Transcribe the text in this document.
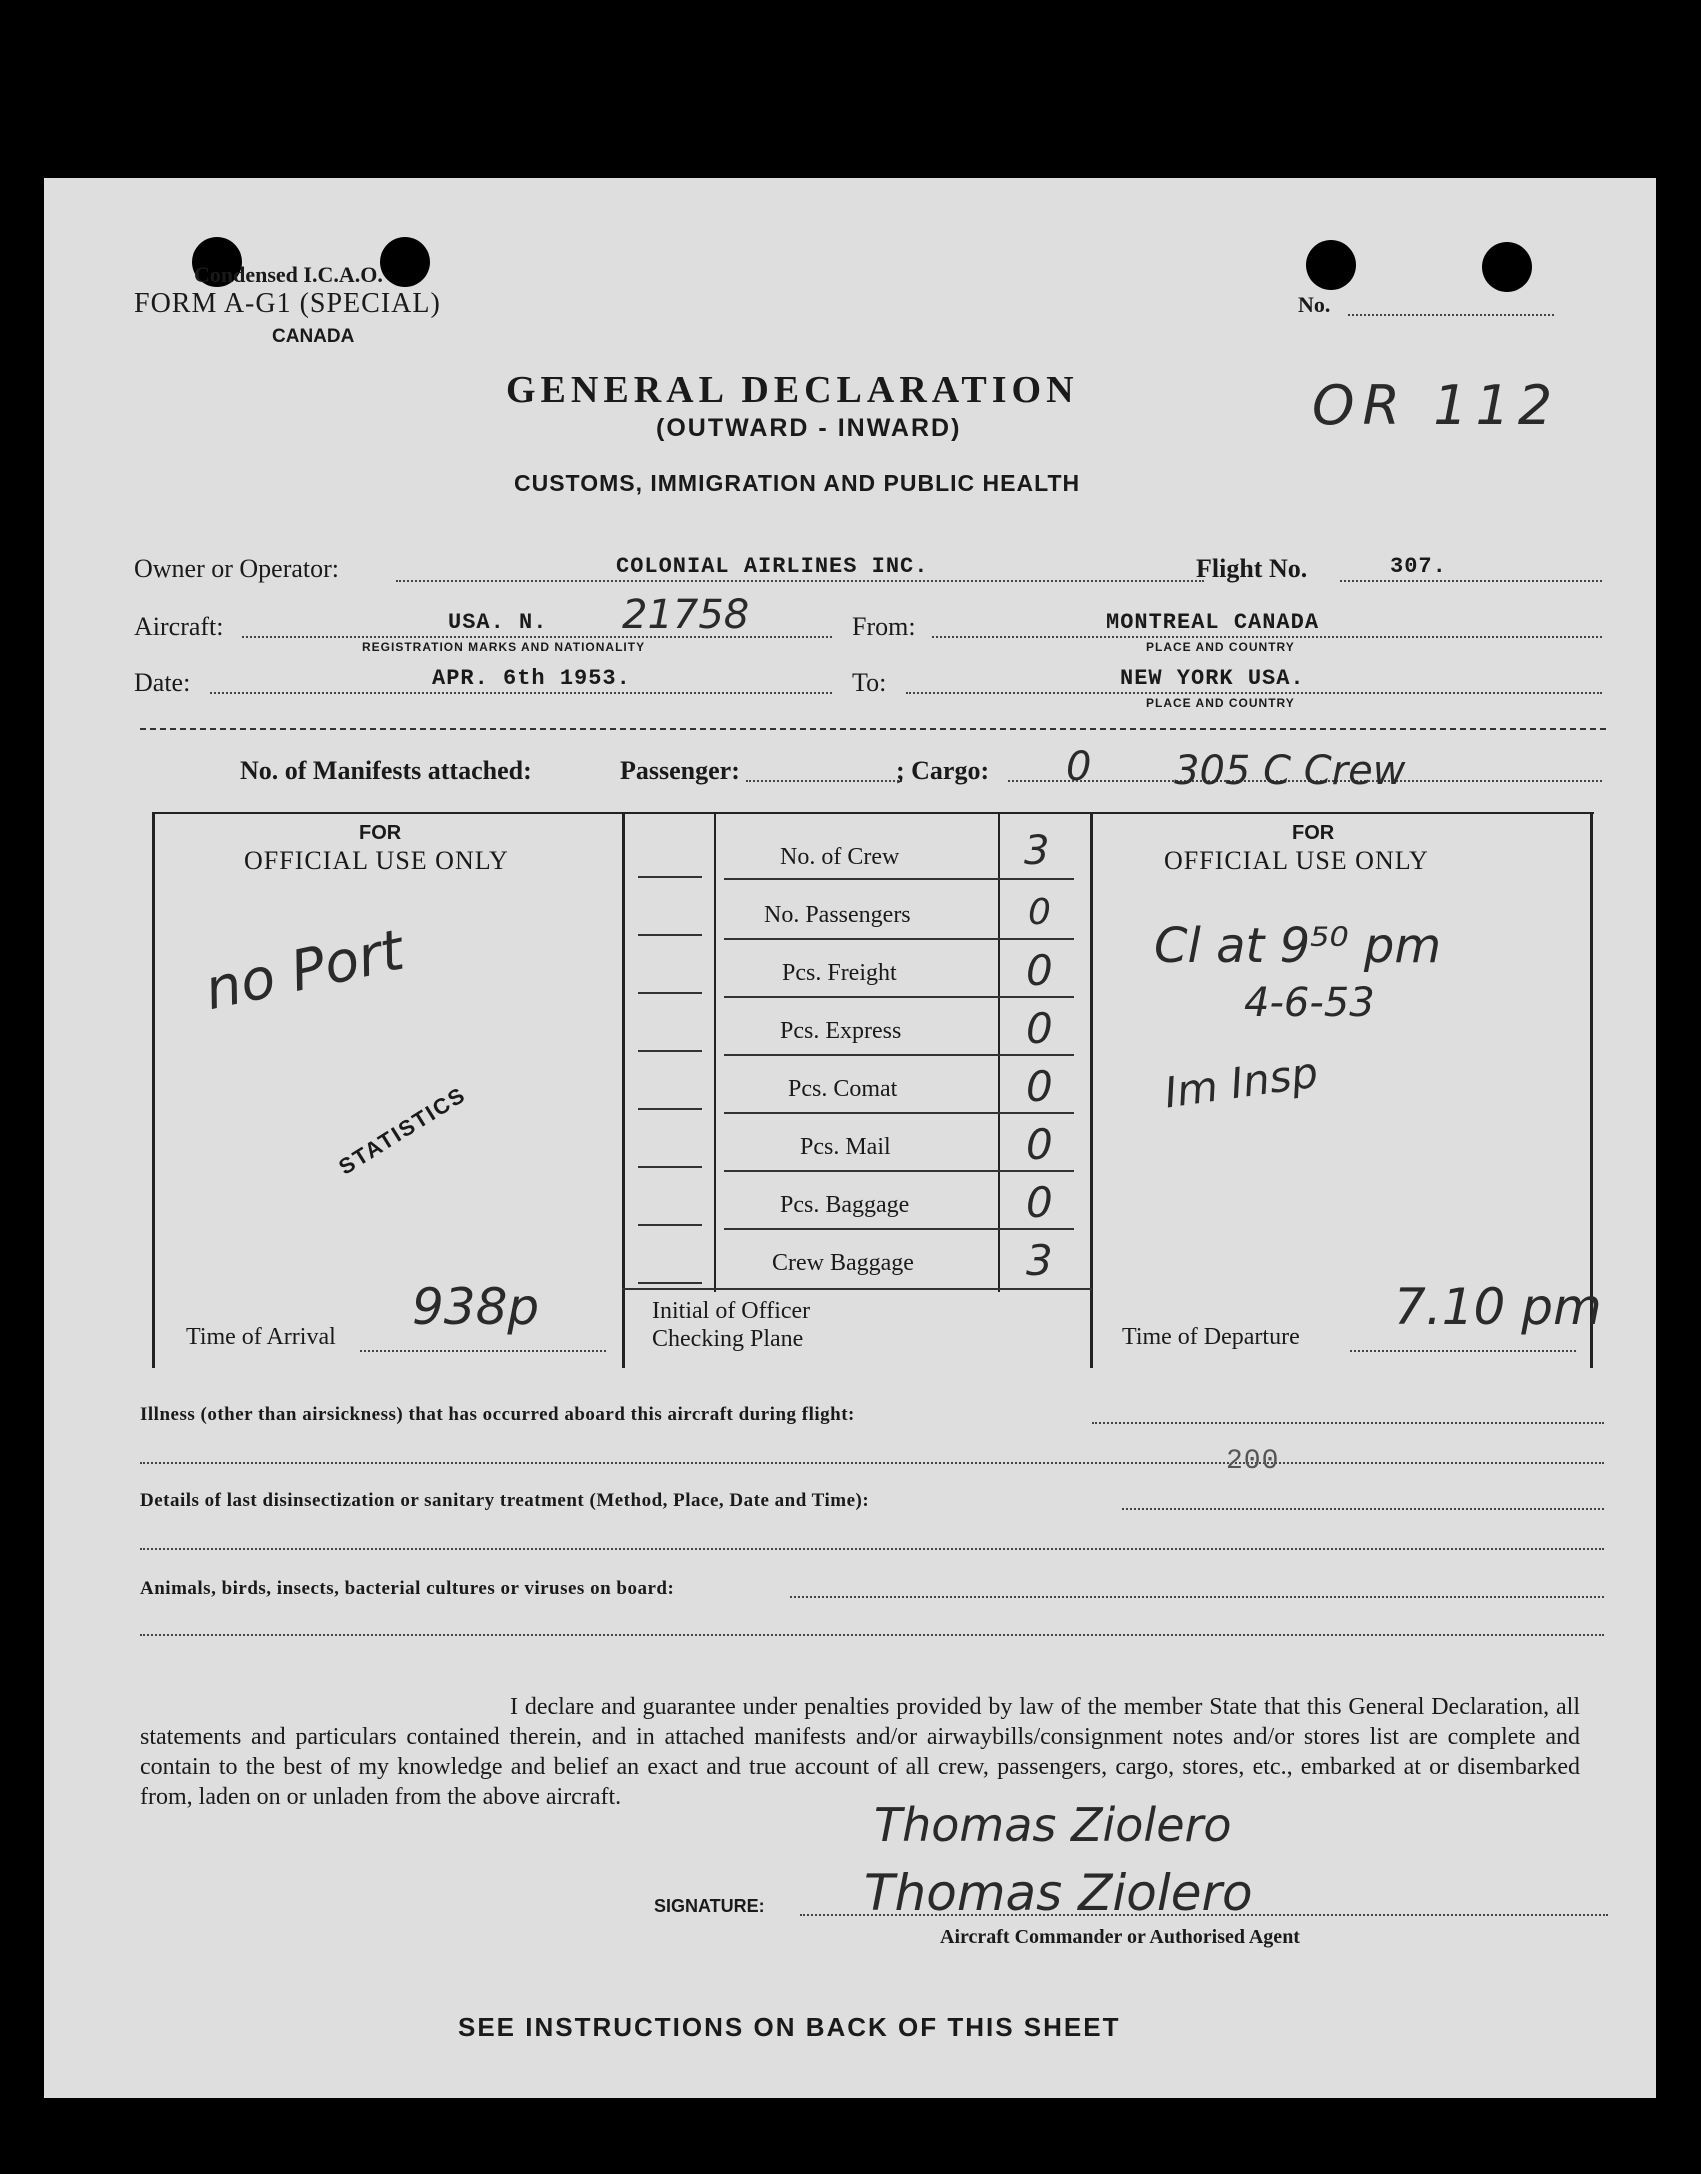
Condensed I.C.A.O.
FORM A-G1 (SPECIAL)
CANADA
No.
GENERAL DECLARATION
(OUTWARD - INWARD)	OR 112
CUSTOMS, IMMIGRATION AND PUBLIC HEALTH
Owner or Operator:	COLONIAL AIRLINES INC.	Flight No.	307.
Aircraft:	USA. N. 21758
REGISTRATION MARKS AND NATIONALITY
From:	MONTREAL CANADA
PLACE AND COUNTRY
Date:	APR. 6th 1953.	To:	NEW YORK USA.
PLACE AND COUNTRY
No. of Manifests attached:	Passenger:	; Cargo: 0 305 C Crew
FOR
OFFICIAL USE ONLY
no Port
STATISTICS
Time of Arrival
938p
No. of Crew	3
No. Passengers	0
Pcs. Freight	0
Pcs. Express	0
Pcs. Comat	0
Pcs. Mail	0
Pcs. Baggage	0
Crew Baggage	3
Initial of Officer
Checking Plane
FOR
OFFICIAL USE ONLY
Cl at 9⁵⁰ pm
4-6-53
Im Insp
Time of Departure
7.10 pm
Illness (other than airsickness) that has occurred aboard this aircraft during flight:
200
Details of last disinsectization or sanitary treatment (Method, Place, Date and Time):
Animals, birds, insects, bacterial cultures or viruses on board:
I declare and guarantee under penalties provided by law of the member State that this General Declaration, all statements and particulars contained therein, and in attached manifests and/or airwaybills/consignment notes and/or stores list are complete and contain to the best of my knowledge and belief an exact and true account of all crew, passengers, cargo, stores, etc., embarked at or disembarked from, laden on or unladen from the above aircraft.
Thomas Ziolero
SIGNATURE: Thomas Ziolero
Aircraft Commander or Authorised Agent
SEE INSTRUCTIONS ON BACK OF THIS SHEET
